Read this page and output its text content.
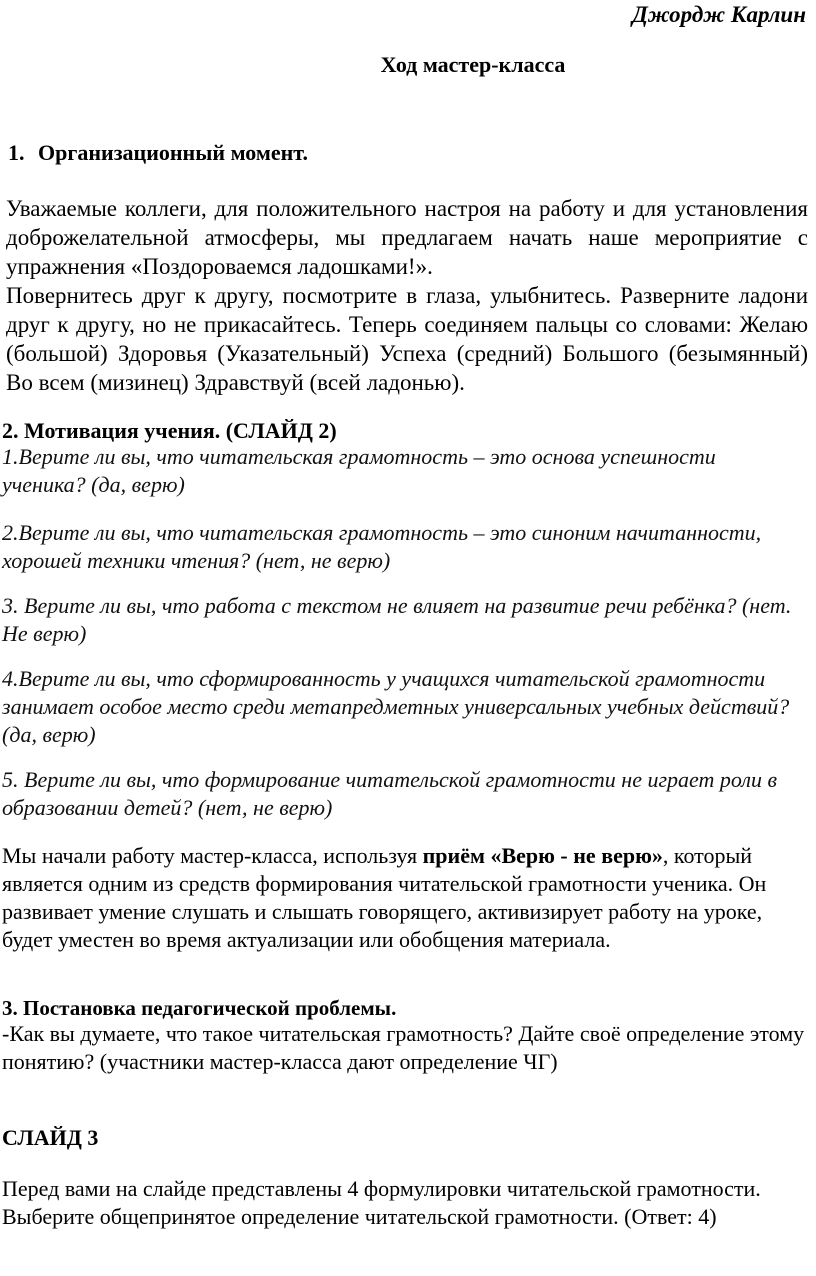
Джордж Карлин
Ход мастер-класса
1. Организационный момент.
Уважаемые коллеги, для положительного настроя на работу и для установления доброжелательной атмосферы, мы предлагаем начать наше мероприятие с упражнения «Поздороваемся ладошками!».
Повернитесь друг к другу, посмотрите в глаза, улыбнитесь. Разверните ладони друг к другу, но не прикасайтесь. Теперь соединяем пальцы со словами: Желаю (большой) Здоровья (Указательный) Успеха (средний) Большого (безымянный) Во всем (мизинец) Здравствуй (всей ладонью).
2. Мотивация учения. (СЛАЙД 2)
1.Верите ли вы, что читательская грамотность – это основа успешности ученика? (да, верю)
2.Верите ли вы, что читательская грамотность – это синоним начитанности, хорошей техники чтения? (нет, не верю)
3. Верите ли вы, что работа с текстом не влияет на развитие речи ребёнка? (нет. Не верю)
4.Верите ли вы, что сформированность у учащихся читательской грамотности занимает особое место среди метапредметных универсальных учебных действий? (да, верю)
5. Верите ли вы, что формирование читательской грамотности не играет роли в образовании детей? (нет, не верю)
Мы начали работу мастер-класса, используя приём «Верю - не верю», который является одним из средств формирования читательской грамотности ученика. Он развивает умение слушать и слышать говорящего, активизирует работу на уроке, будет уместен во время актуализации или обобщения материала.
3. Постановка педагогической проблемы.
-Как вы думаете, что такое читательская грамотность? Дайте своё определение этому понятию? (участники мастер-класса дают определение ЧГ)
СЛАЙД 3
Перед вами на слайде представлены 4 формулировки читательской грамотности. Выберите общепринятое определение читательской грамотности. (Ответ: 4)
